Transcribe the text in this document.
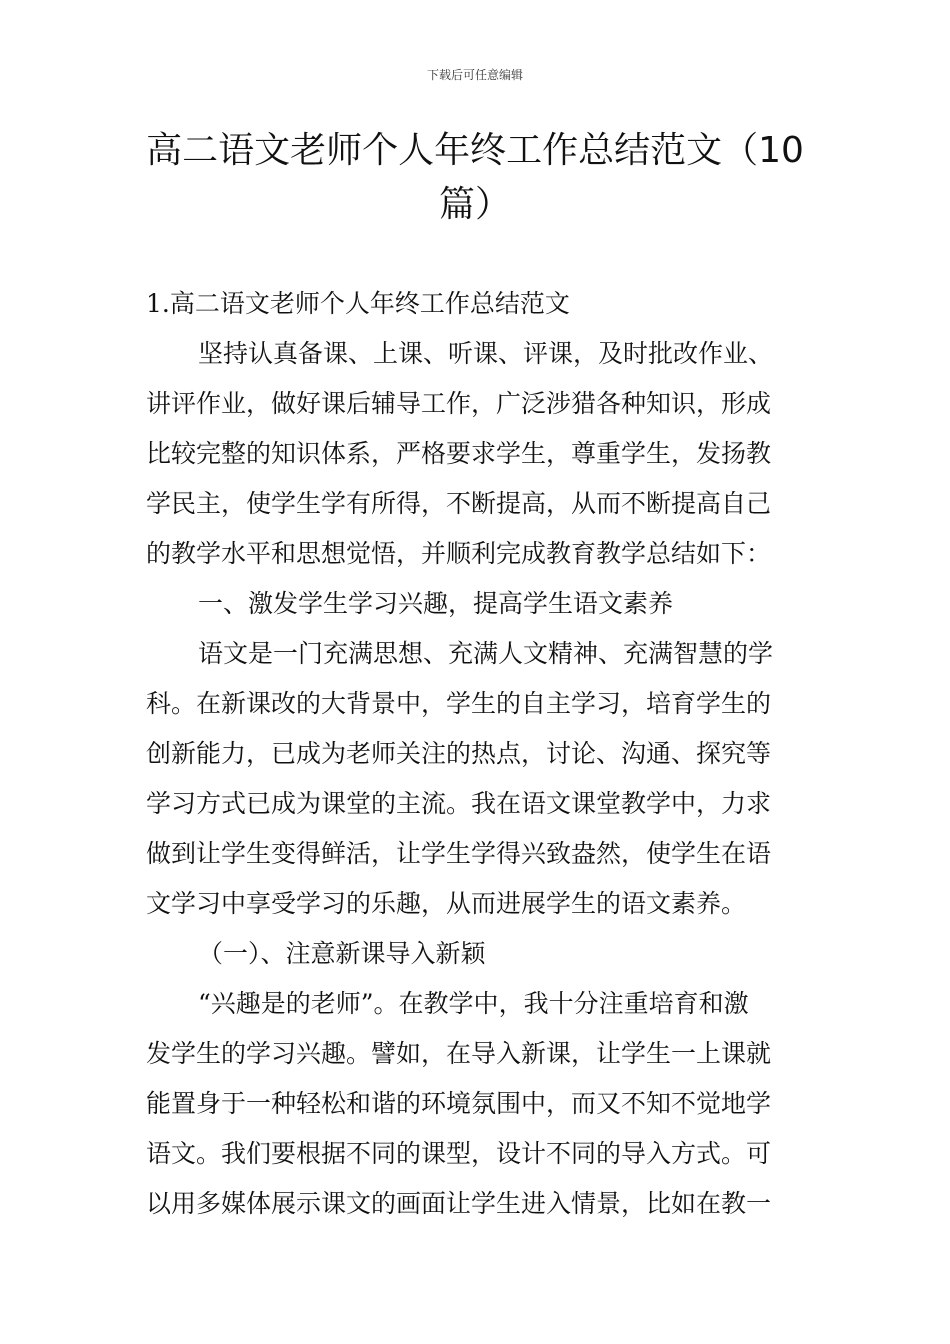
下载后可任意编辑
高二语文老师个人年终工作总结范文（10
篇）
1.高二语文老师个人年终工作总结范文
坚持认真备课、上课、听课、评课，及时批改作业、
讲评作业，做好课后辅导工作，广泛涉猎各种知识，形成
比较完整的知识体系，严格要求学生，尊重学生，发扬教
学民主，使学生学有所得，不断提高，从而不断提高自己
的教学水平和思想觉悟，并顺利完成教育教学总结如下：
一、激发学生学习兴趣，提高学生语文素养
语文是一门充满思想、充满人文精神、充满智慧的学
科。在新课改的大背景中，学生的自主学习，培育学生的
创新能力，已成为老师关注的热点，讨论、沟通、探究等
学习方式已成为课堂的主流。我在语文课堂教学中，力求
做到让学生变得鲜活，让学生学得兴致盎然，使学生在语
文学习中享受学习的乐趣，从而进展学生的语文素养。
（一）、注意新课导入新颖
“兴趣是的老师”。在教学中，我十分注重培育和激
发学生的学习兴趣。譬如，在导入新课，让学生一上课就
能置身于一种轻松和谐的环境氛围中，而又不知不觉地学
语文。我们要根据不同的课型，设计不同的导入方式。可
以用多媒体展示课文的画面让学生进入情景，比如在教一
